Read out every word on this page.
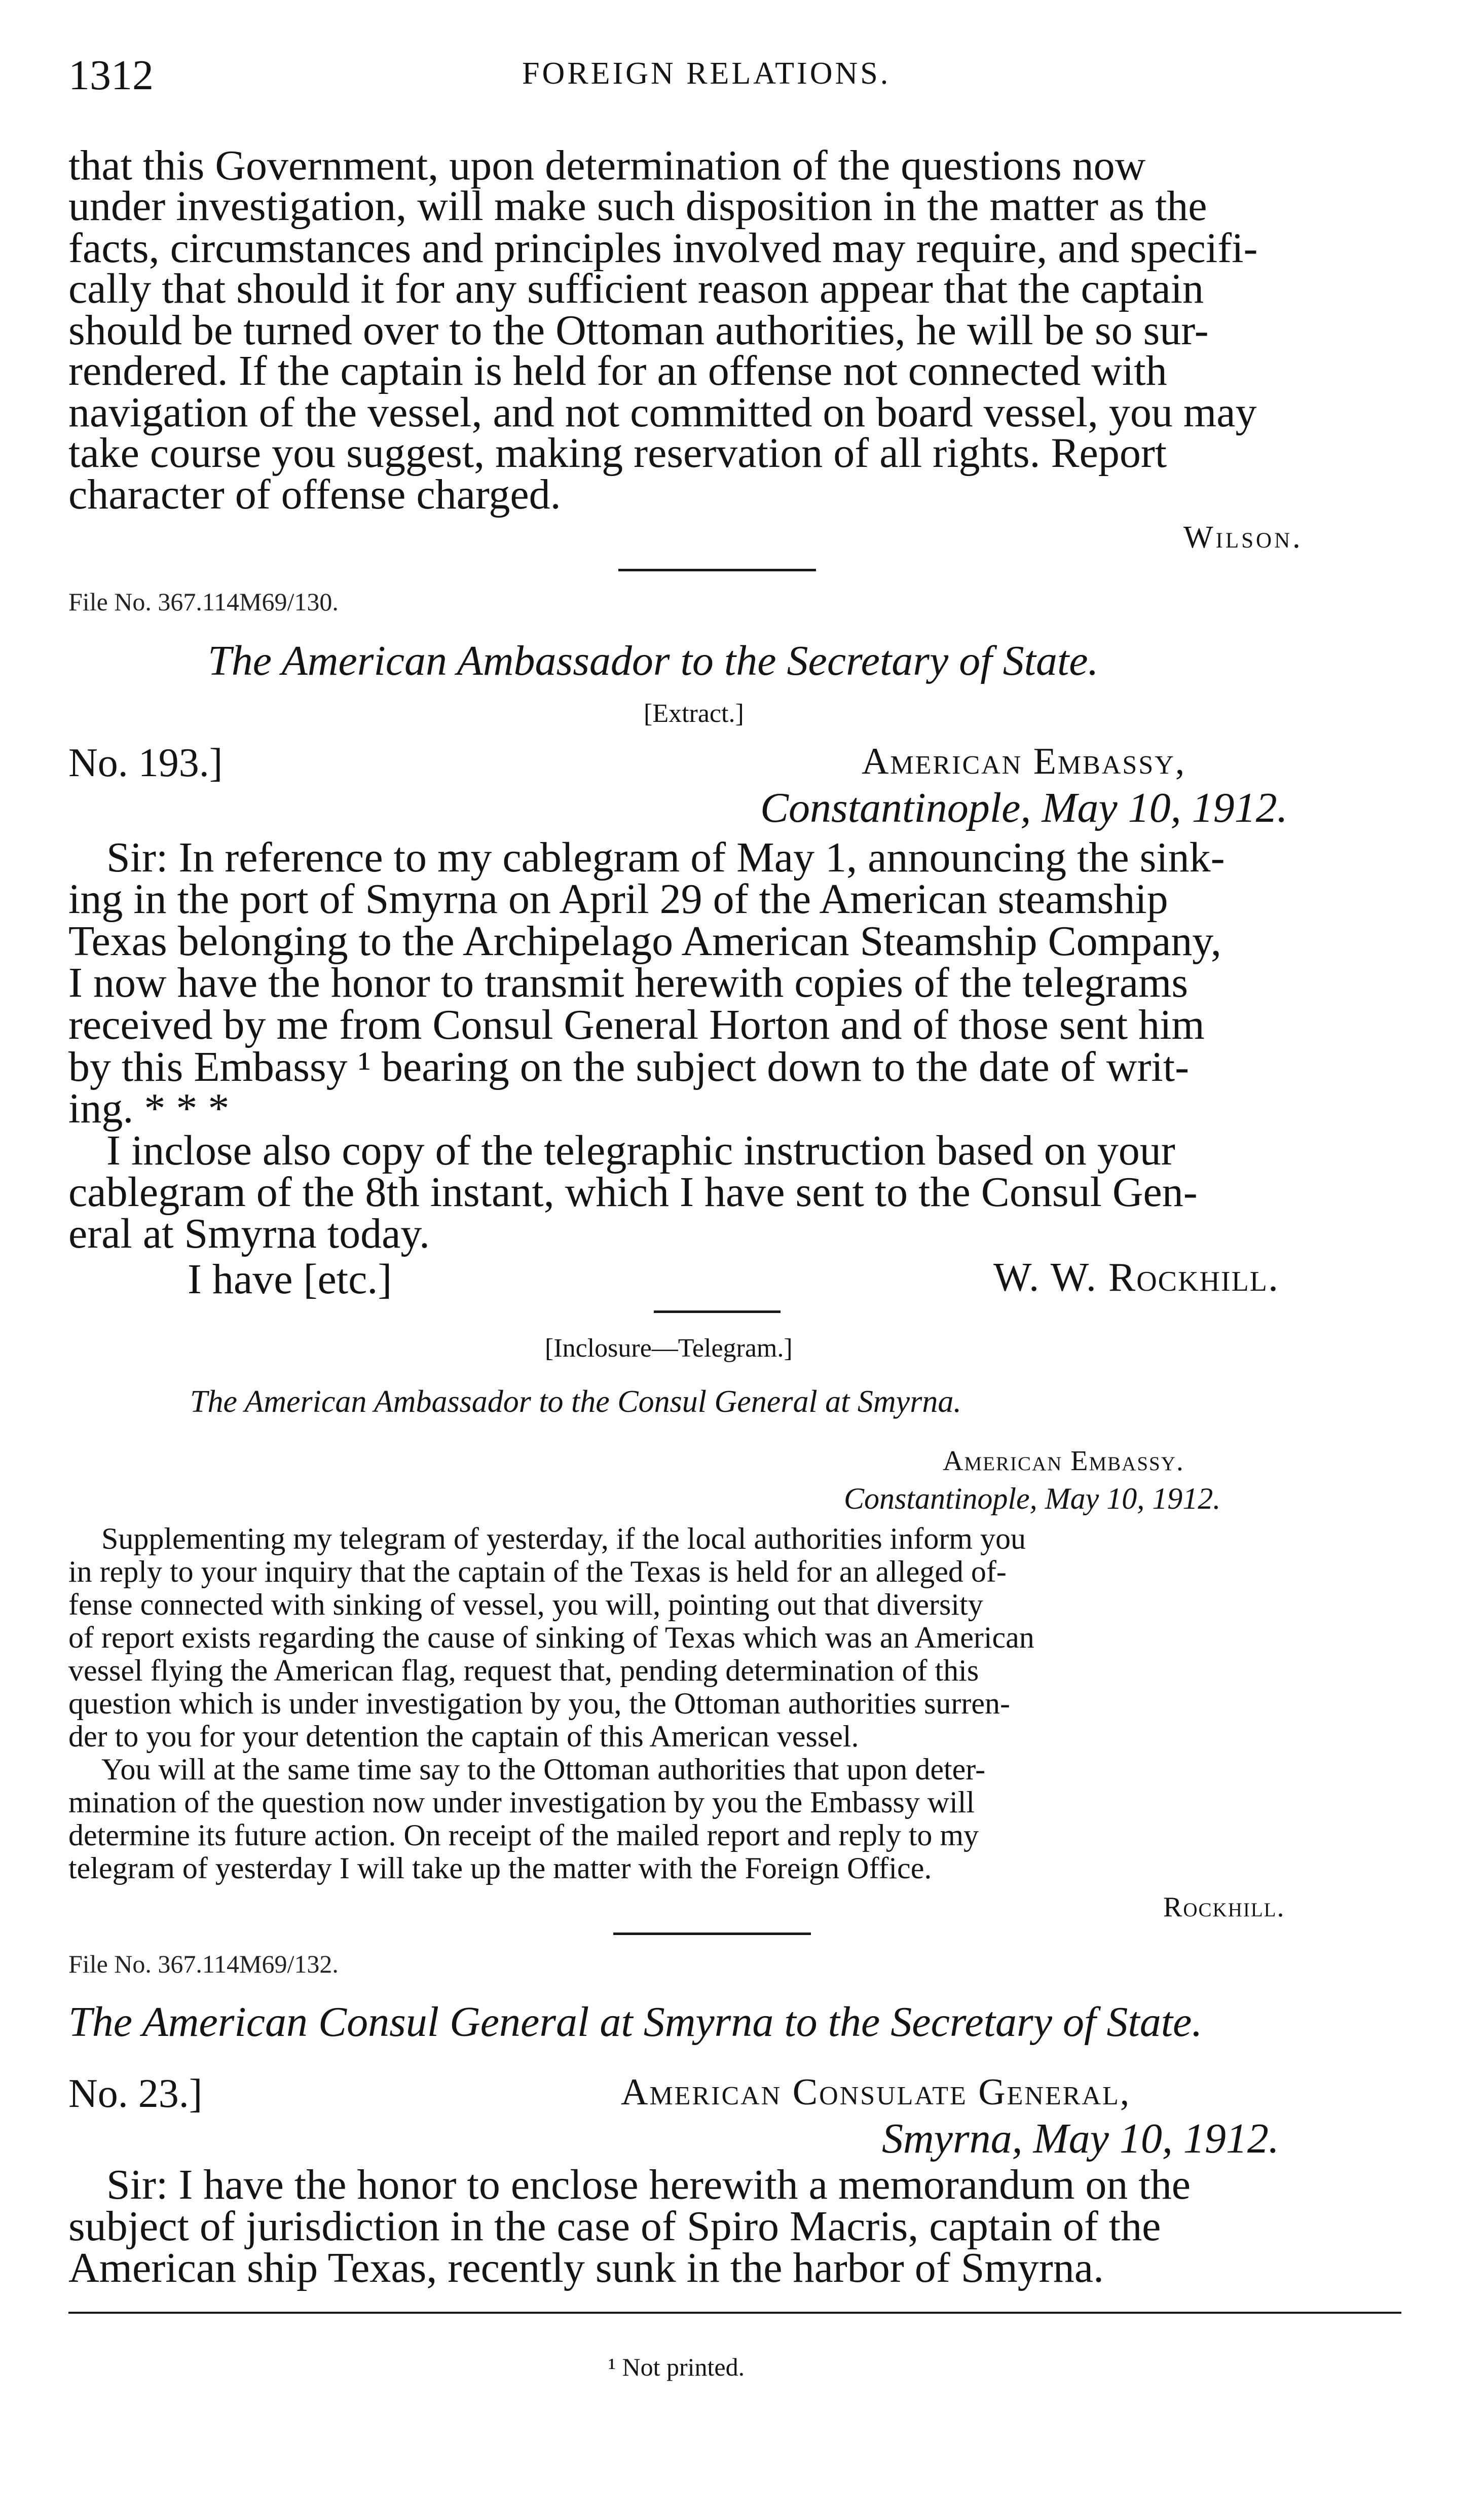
1312	FOREIGN RELATIONS.
that this Government, upon determination of the questions now
under investigation, will make such disposition in the matter as the
facts, circumstances and principles involved may require, and specifi-
cally that should it for any sufficient reason appear that the captain
should be turned over to the Ottoman authorities, he will be so sur-
rendered. If the captain is held for an offense not connected with
navigation of the vessel, and not committed on board vessel, you may
take course you suggest, making reservation of all rights. Report
character of offense charged.
Wilson.
File No. 367.114M69/130.
The American Ambassador to the Secretary of State.
[Extract.]
No. 193.]	American Embassy,
Constantinople, May 10, 1912.
Sir: In reference to my cablegram of May 1, announcing the sink-
ing in the port of Smyrna on April 29 of the American steamship
Texas belonging to the Archipelago American Steamship Company,
I now have the honor to transmit herewith copies of the telegrams
received by me from Consul General Horton and of those sent him
by this Embassy ¹ bearing on the subject down to the date of writ-
ing. * * *
I inclose also copy of the telegraphic instruction based on your
cablegram of the 8th instant, which I have sent to the Consul Gen-
eral at Smyrna today.
I have [etc.]	W. W. Rockhill.
[Inclosure—Telegram.]
The American Ambassador to the Consul General at Smyrna.
American Embassy.
Constantinople, May 10, 1912.
Supplementing my telegram of yesterday, if the local authorities inform you
in reply to your inquiry that the captain of the Texas is held for an alleged of-
fense connected with sinking of vessel, you will, pointing out that diversity
of report exists regarding the cause of sinking of Texas which was an American
vessel flying the American flag, request that, pending determination of this
question which is under investigation by you, the Ottoman authorities surren-
der to you for your detention the captain of this American vessel.
You will at the same time say to the Ottoman authorities that upon deter-
mination of the question now under investigation by you the Embassy will
determine its future action. On receipt of the mailed report and reply to my
telegram of yesterday I will take up the matter with the Foreign Office.
Rockhill.
File No. 367.114M69/132.
The American Consul General at Smyrna to the Secretary of State.
No. 23.]	American Consulate General,
Smyrna, May 10, 1912.
Sir: I have the honor to enclose herewith a memorandum on the
subject of jurisdiction in the case of Spiro Macris, captain of the
American ship Texas, recently sunk in the harbor of Smyrna.
¹ Not printed.
